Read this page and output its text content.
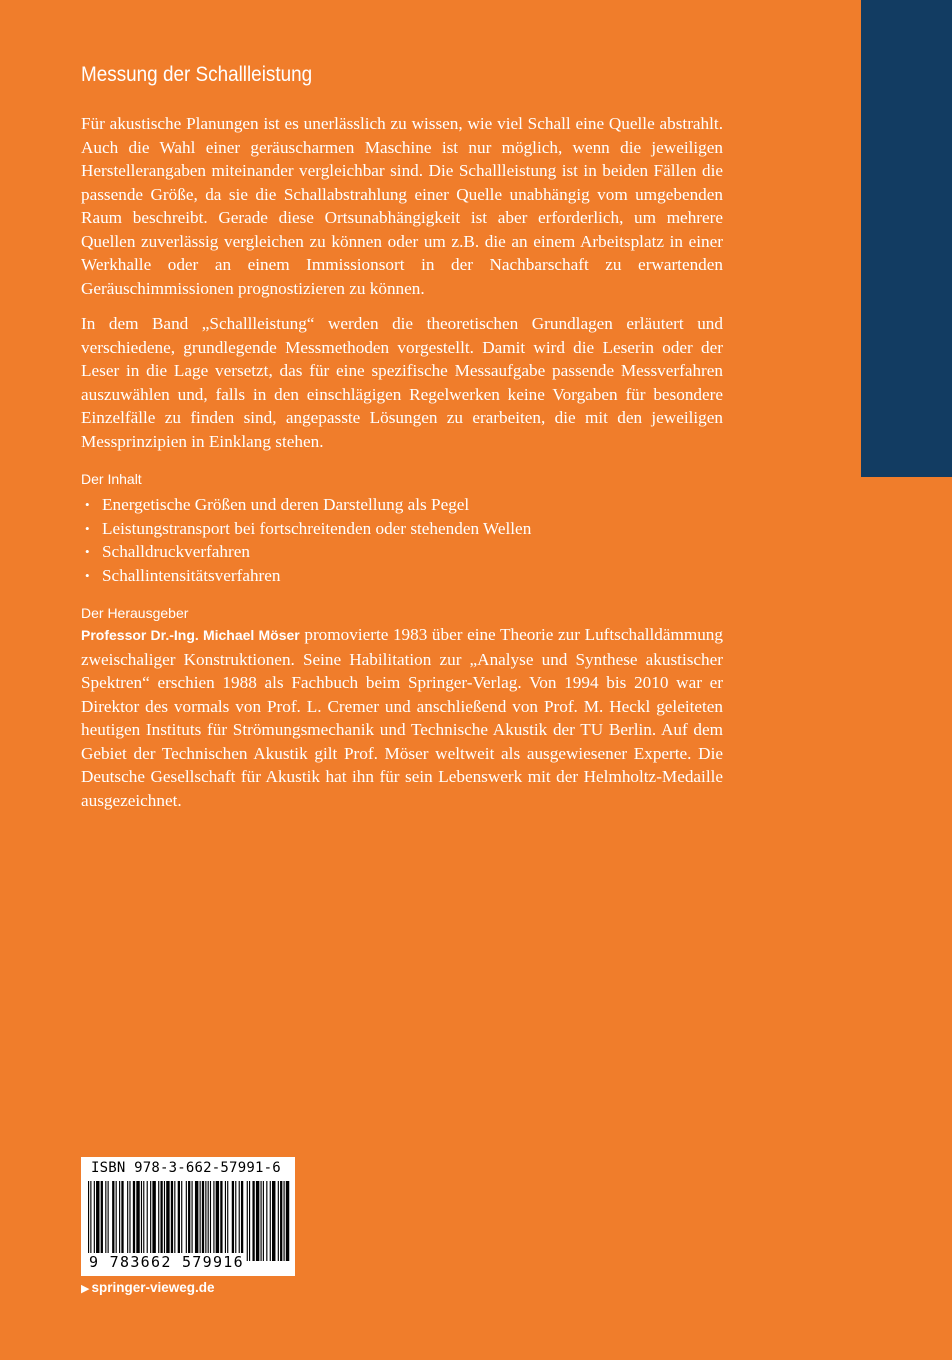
Messung der Schallleistung

Für akustische Planungen ist es unerlässlich zu wissen, wie viel Schall eine Quelle abstrahlt. Auch die Wahl einer geräuscharmen Maschine ist nur möglich, wenn die jeweiligen Herstellerangaben miteinander vergleichbar sind. Die Schallleistung ist in beiden Fällen die passende Größe, da sie die Schallabstrahlung einer Quelle unabhängig vom umgebenden Raum beschreibt. Gerade diese Ortsunabhängigkeit ist aber erforderlich, um mehrere Quellen zuverlässig vergleichen zu können oder um z.B. die an einem Arbeitsplatz in einer Werkhalle oder an einem Immissionsort in der Nachbarschaft zu erwartenden Geräuschimmissionen prognostizieren zu können.

In dem Band „Schallleistung“ werden die theoretischen Grundlagen erläutert und verschiedene, grundlegende Messmethoden vorgestellt. Damit wird die Leserin oder der Leser in die Lage versetzt, das für eine spezifische Messaufgabe passende Messverfahren auszuwählen und, falls in den einschlägigen Regelwerken keine Vorgaben für besondere Einzelfälle zu finden sind, angepasste Lösungen zu erarbeiten, die mit den jeweiligen Messprinzipien in Einklang stehen.

Der Inhalt
• Energetische Größen und deren Darstellung als Pegel
• Leistungstransport bei fortschreitenden oder stehenden Wellen
• Schalldruckverfahren
• Schallintensitätsverfahren
Der Herausgeber

Professor Dr.-Ing. Michael Möser promovierte 1983 über eine Theorie zur Luftschalldämmung zweischaliger Konstruktionen. Seine Habilitation zur „Analyse und Synthese akustischer Spektren“ erschien 1988 als Fachbuch beim Springer-Verlag. Von 1994 bis 2010 war er Direktor des vormals von Prof. L. Cremer und anschließend von Prof. M. Heckl geleiteten heutigen Instituts für Strömungsmechanik und Technische Akustik der TU Berlin. Auf dem Gebiet der Technischen Akustik gilt Prof. Möser weltweit als ausgewiesener Experte. Die Deutsche Gesellschaft für Akustik hat ihn für sein Lebenswerk mit der Helmholtz-Medaille ausgezeichnet.

ISBN 978-3-662-57991-6
9 783662 579916
▶ springer-vieweg.de
